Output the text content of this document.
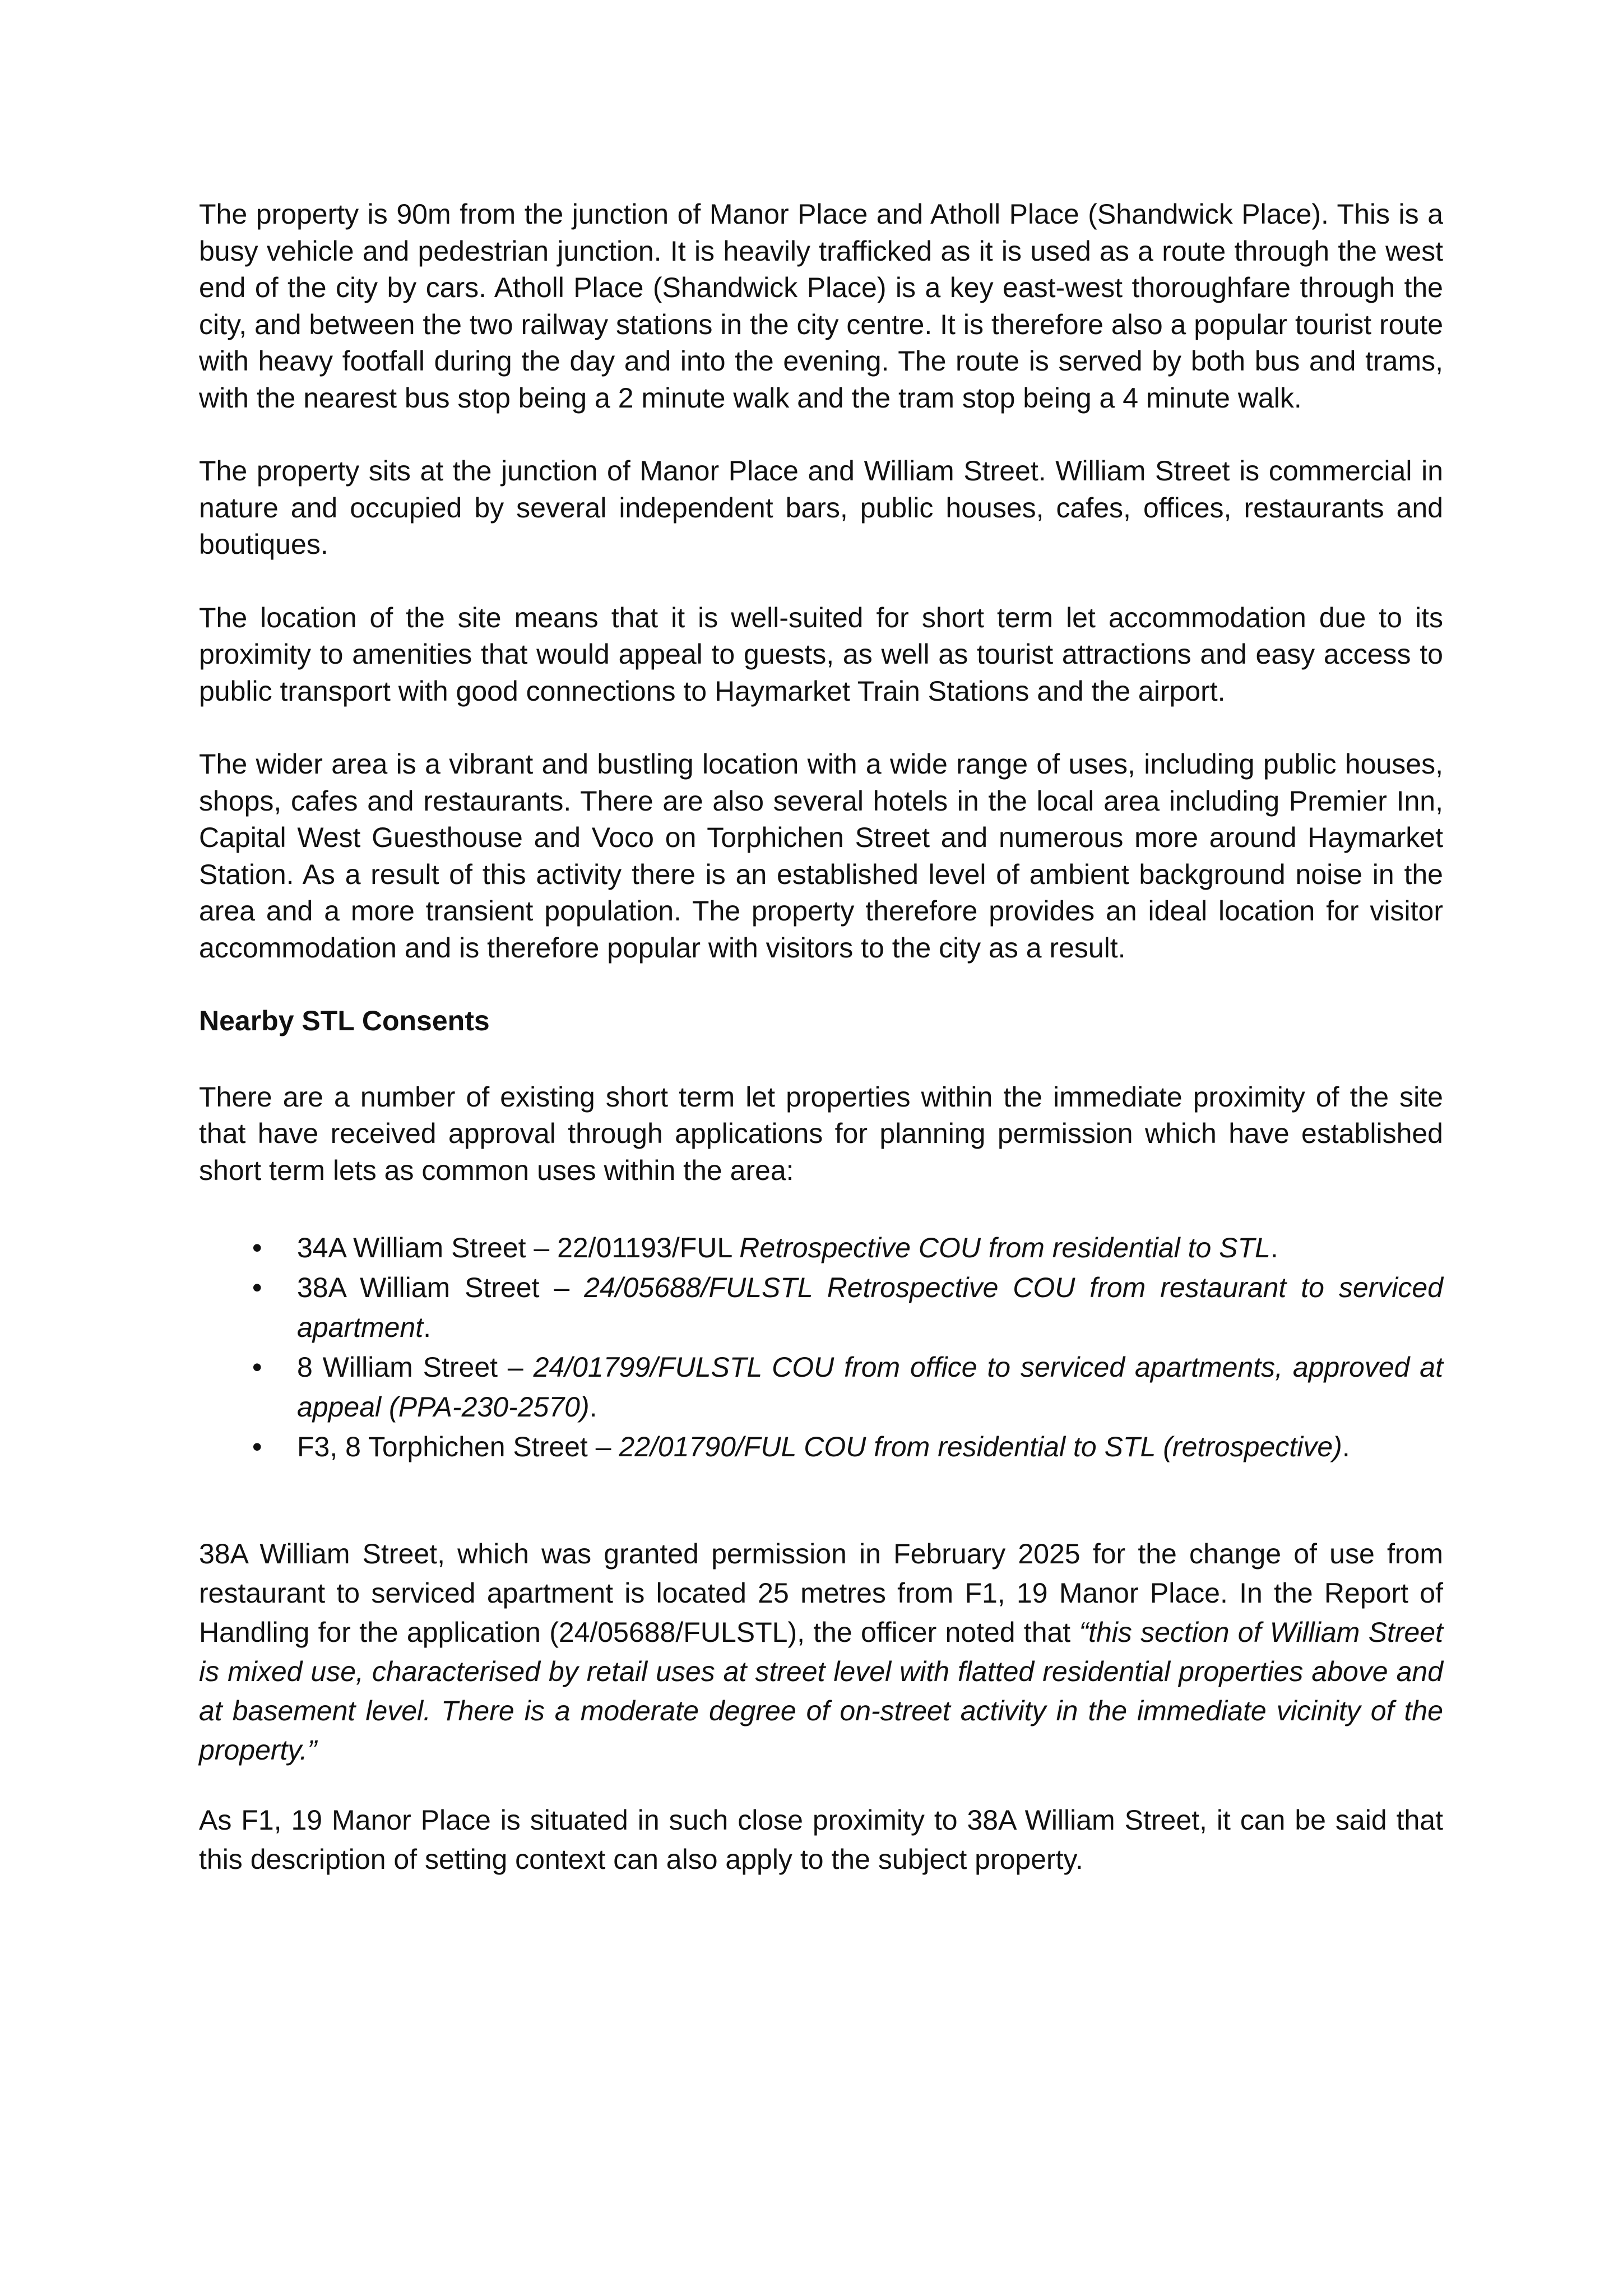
The property is 90m from the junction of Manor Place and Atholl Place (Shandwick Place). This is a busy vehicle and pedestrian junction. It is heavily trafficked as it is used as a route through the west end of the city by cars. Atholl Place (Shandwick Place) is a key east-west thoroughfare through the city, and between the two railway stations in the city centre. It is therefore also a popular tourist route with heavy footfall during the day and into the evening. The route is served by both bus and trams, with the nearest bus stop being a 2 minute walk and the tram stop being a 4 minute walk.

The property sits at the junction of Manor Place and William Street. William Street is commercial in nature and occupied by several independent bars, public houses, cafes, offices, restaurants and boutiques.

The location of the site means that it is well-suited for short term let accommodation due to its proximity to amenities that would appeal to guests, as well as tourist attractions and easy access to public transport with good connections to Haymarket Train Stations and the airport.

The wider area is a vibrant and bustling location with a wide range of uses, including public houses, shops, cafes and restaurants. There are also several hotels in the local area including Premier Inn, Capital West Guesthouse and Voco on Torphichen Street and numerous more around Haymarket Station. As a result of this activity there is an established level of ambient background noise in the area and a more transient population. The property therefore provides an ideal location for visitor accommodation and is therefore popular with visitors to the city as a result.

Nearby STL Consents

There are a number of existing short term let properties within the immediate proximity of the site that have received approval through applications for planning permission which have established short term lets as common uses within the area:

• 34A William Street – 22/01193/FUL Retrospective COU from residential to STL.
• 38A William Street – 24/05688/FULSTL Retrospective COU from restaurant to serviced apartment.
• 8 William Street – 24/01799/FULSTL COU from office to serviced apartments, approved at appeal (PPA-230-2570).
• F3, 8 Torphichen Street – 22/01790/FUL COU from residential to STL (retrospective).

38A William Street, which was granted permission in February 2025 for the change of use from restaurant to serviced apartment is located 25 metres from F1, 19 Manor Place. In the Report of Handling for the application (24/05688/FULSTL), the officer noted that “this section of William Street is mixed use, characterised by retail uses at street level with flatted residential properties above and at basement level. There is a moderate degree of on-street activity in the immediate vicinity of the property.”

As F1, 19 Manor Place is situated in such close proximity to 38A William Street, it can be said that this description of setting context can also apply to the subject property.
